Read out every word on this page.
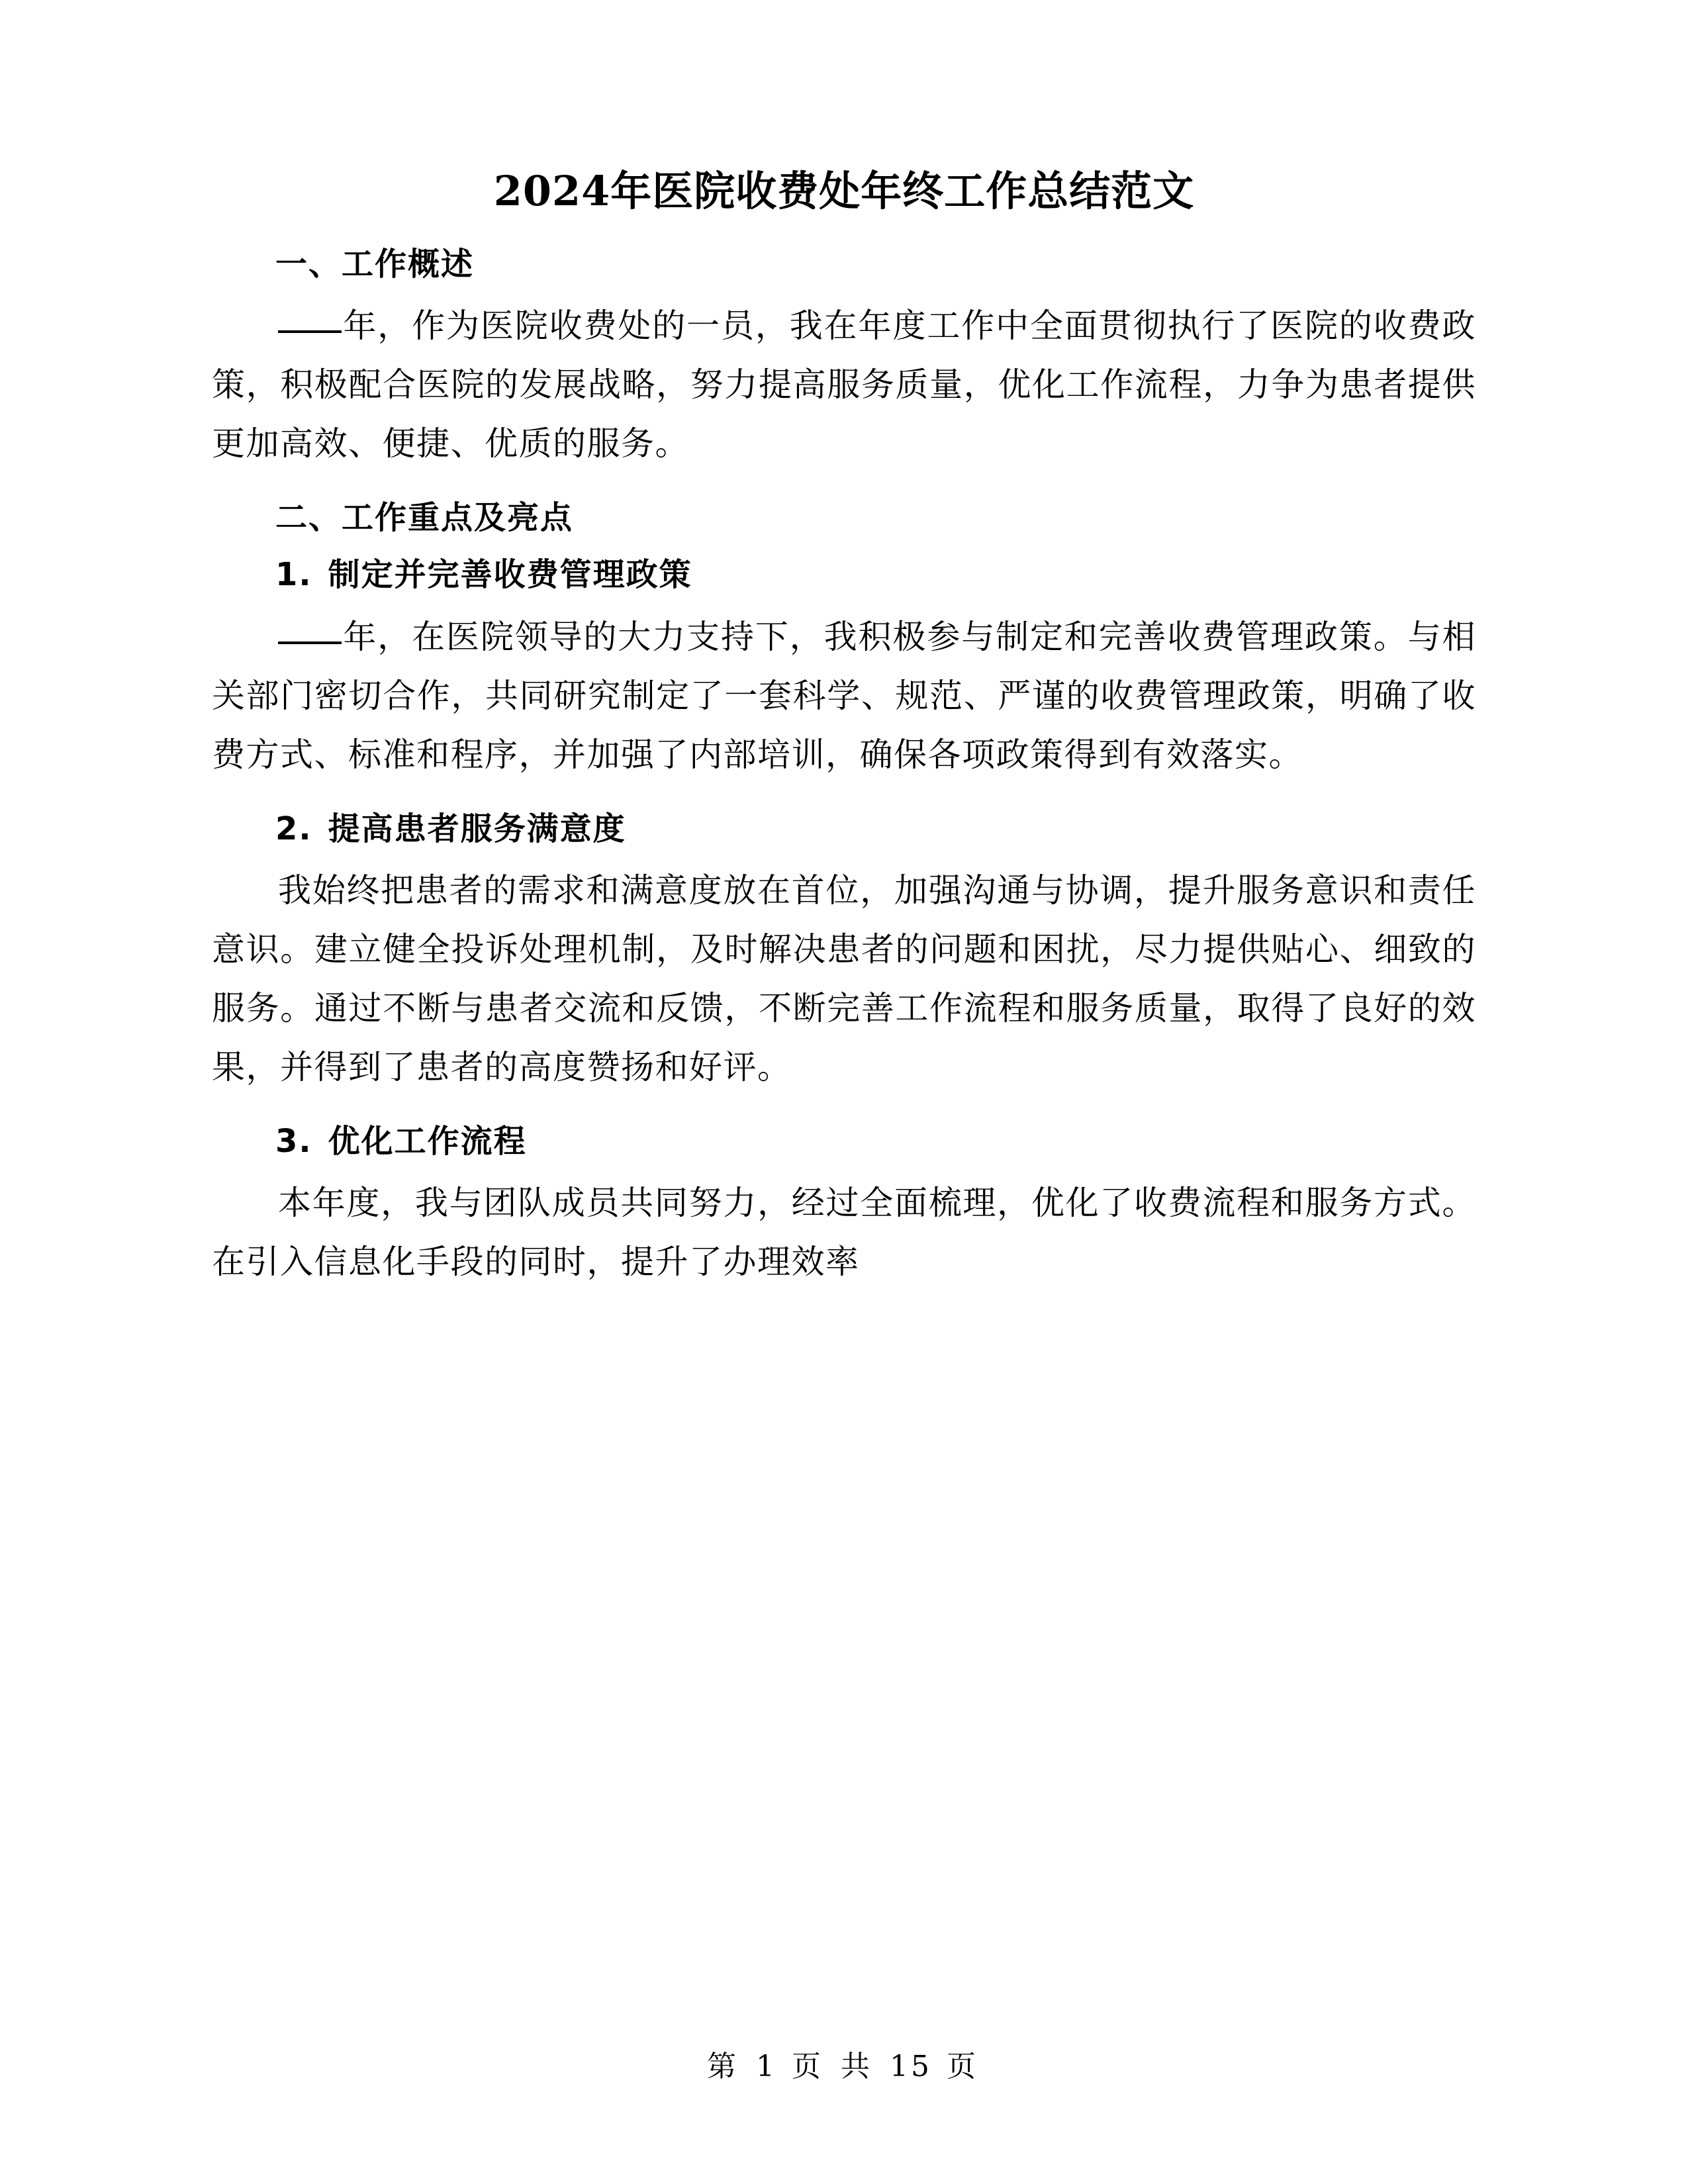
2024年医院收费处年终工作总结范文
一、工作概述

年，作为医院收费处的一员，我在年度工作中全面贯彻执行了医院的收费政策，积极配合医院的发展战略，努力提高服务质量，优化工作流程，力争为患者提供更加高效、便捷、优质的服务。

二、工作重点及亮点
1. 制定并完善收费管理政策

年，在医院领导的大力支持下，我积极参与制定和完善收费管理政策。与相关部门密切合作，共同研究制定了一套科学、规范、严谨的收费管理政策，明确了收费方式、标准和程序，并加强了内部培训，确保各项政策得到有效落实。

2. 提高患者服务满意度

我始终把患者的需求和满意度放在首位，加强沟通与协调，提升服务意识和责任意识。建立健全投诉处理机制，及时解决患者的问题和困扰，尽力提供贴心、细致的服务。通过不断与患者交流和反馈，不断完善工作流程和服务质量，取得了良好的效果，并得到了患者的高度赞扬和好评。

3. 优化工作流程

本年度，我与团队成员共同努力，经过全面梳理，优化了收费流程和服务方式。在引入信息化手段的同时，提升了办理效率

第 1 页 共 15 页
